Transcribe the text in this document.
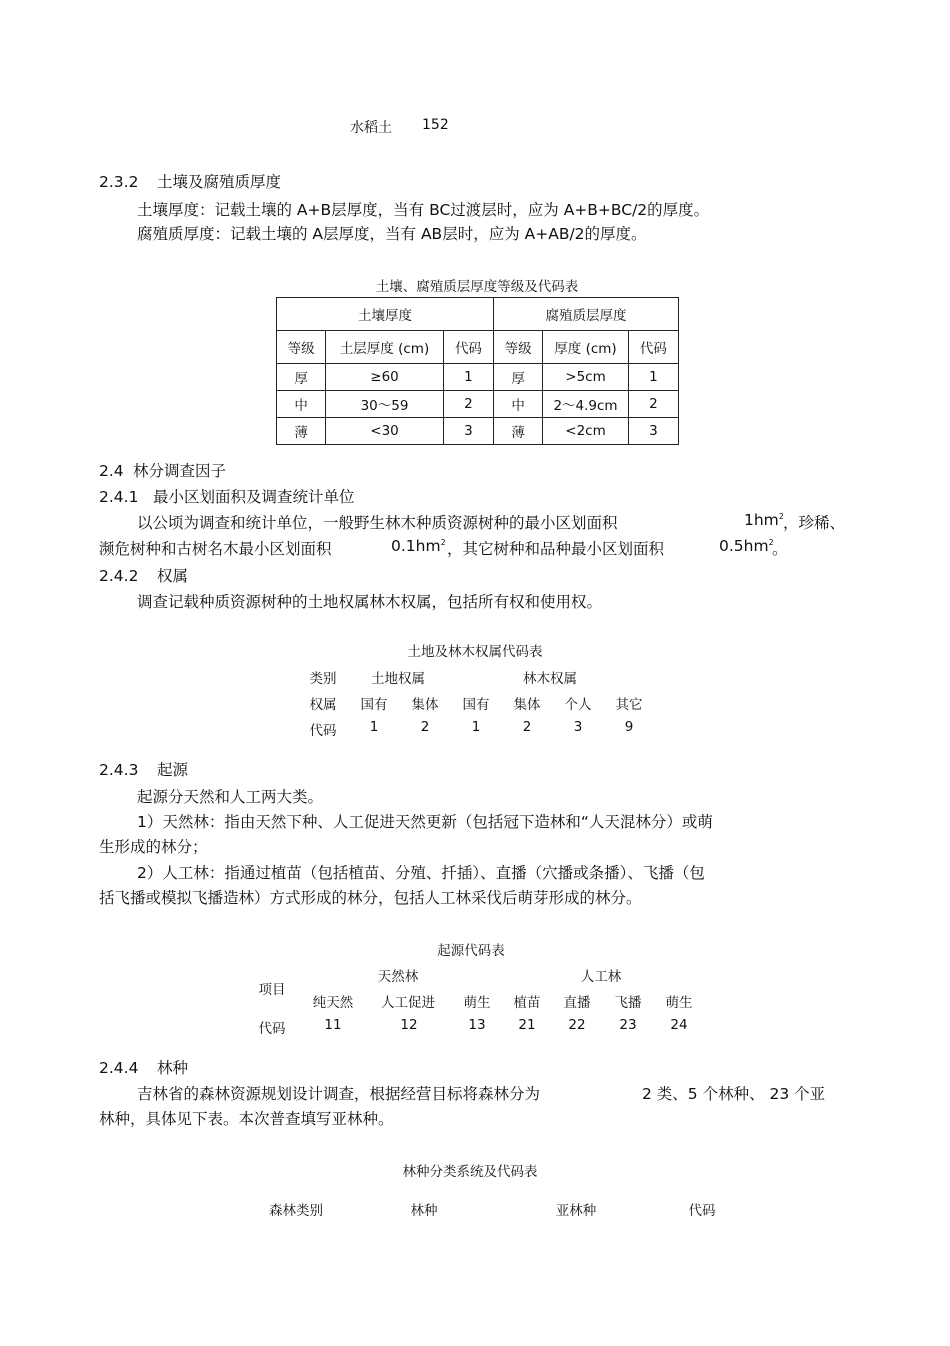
水稻土 152
2.3.2 土壤及腐殖质厚度
土壤厚度：记载土壤的 A+B层厚度，当有 BC过渡层时，应为 A+B+BC/2的厚度。
腐殖质厚度：记载土壤的 A层厚度，当有 AB层时，应为 A+AB/2的厚度。
土壤、腐殖质层厚度等级及代码表
土壤厚度			腐殖质层厚度		
等级	土层厚度 (cm)	代码	等级	厚度 (cm)	代码
厚	≥60	1	厚	>5cm	1
中	30～59	2	中	2～4.9cm	2
薄	<30	3	薄	<2cm	3
2.4 林分调查因子
2.4.1 最小区划面积及调查统计单位
以公顷为调查和统计单位，一般野生林木种质资源树种的最小区划面积	$1hm^2$ ，珍稀、
濒危树种和古树名木最小区划面积	$0.1hm^2$ ，其它树种和品种最小区划面积	$0.5hm^2$
。
2.4.2 权属
调查记载种质资源树种的土地权属林木权属，包括所有权和使用权。
土地及林木权属代码表
类别	土地权属	林木权属
权属	国有	集体	国有	集体	个人	其它
代码	1	2	1	2	3	9
2.4.3 起源
起源分天然和人工两大类。
1）天然林：指由天然下种、人工促进天然更新（包括冠下造林和“人天混林分）或萌
生形成的林分；
2）人工林：指通过植苗（包括植苗、分殖、扦插）、直播（穴播或条播）、飞播（包
括飞播或模拟飞播造林）方式形成的林分，包括人工林采伐后萌芽形成的林分。
起源代码表
项目
天然林	人工林
纯天然	人工促进	萌生	植苗	直播	飞播	萌生
代码	11	12	13	21	22	23	24
2.4.4 林种
吉林省的森林资源规划设计调查，根据经营目标将森林分为	2 类、5 个林种、 23 个亚
林种，具体见下表。本次普查填写亚林种。
林种分类系统及代码表
森林类别	林种	亚林种	代码
